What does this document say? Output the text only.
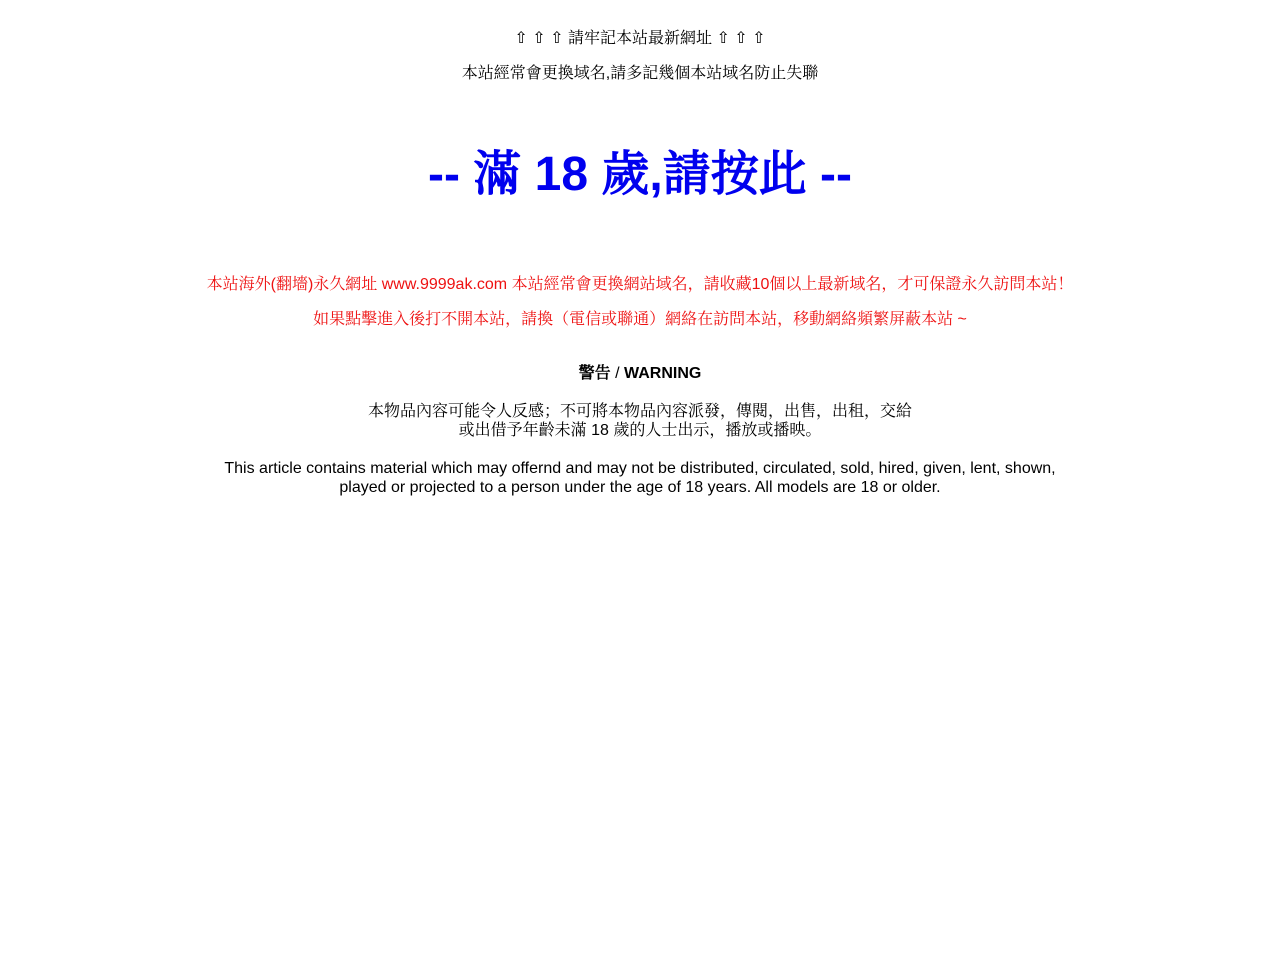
⇧ ⇧ ⇧ 請牢記本站最新網址 ⇧ ⇧ ⇧
本站經常會更換域名,請多記幾個本站域名防止失聯
-- 滿 18 歲,請按此 --
本站海外(翻墻)永久網址 www.9999ak.com 本站經常會更換網站域名，請收藏10個以上最新域名，才可保證永久訪問本站！
如果點擊進入後打不開本站，請換（電信或聯通）網絡在訪問本站，移動網絡頻繁屏蔽本站 ~
警告 / WARNING
本物品內容可能令人反感；不可將本物品內容派發，傳閱，出售，出租，交給
或出借予年齡未滿 18 歲的人士出示，播放或播映。
This article contains material which may offernd and may not be distributed, circulated, sold, hired, given, lent, shown,
played or projected to a person under the age of 18 years. All models are 18 or older.
